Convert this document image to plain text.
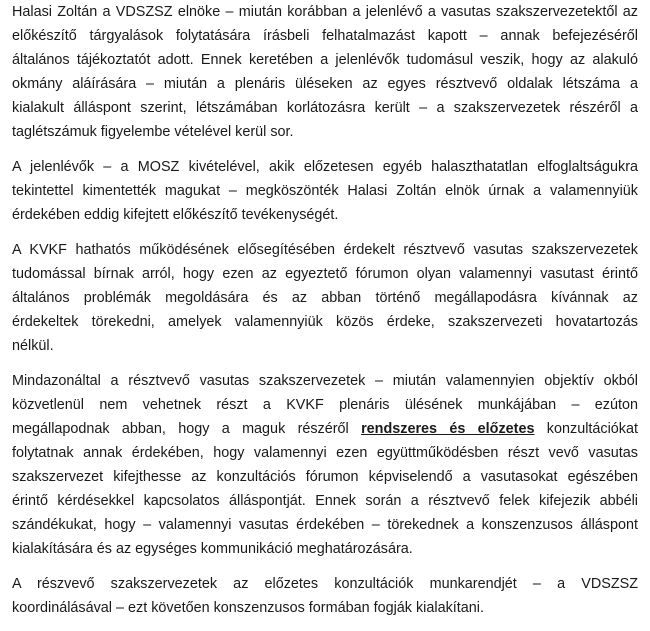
Halasi Zoltán a VDSZSZ elnöke – miután korábban a jelenlévő a vasutas szakszervezetektől az
előkészítő tárgyalások folytatására írásbeli felhatalmazást kapott – annak befejezéséről
általános tájékoztatót adott. Ennek keretében a jelenlévők tudomásul veszik, hogy az alakuló
okmány aláírására – miután a plenáris üléseken az egyes résztvevő oldalak létszáma a
kialakult álláspont szerint, létszámában korlátozásra került – a szakszervezetek részéről a
taglétszámuk figyelembe vételével kerül sor.

A jelenlévők – a MOSZ kivételével, akik előzetesen egyéb halaszthatatlan elfoglaltságukra
tekintettel kimentették magukat – megköszönték Halasi Zoltán elnök úrnak a valamennyiük
érdekében eddig kifejtett előkészítő tevékenységét.

A KVKF hathatós működésének elősegítésében érdekelt résztvevő vasutas szakszervezetek
tudomással bírnak arról, hogy ezen az egyeztető fórumon olyan valamennyi vasutast érintő
általános problémák megoldására és az abban történő megállapodásra kívánnak az
érdekeltek törekedni, amelyek valamennyiük közös érdeke, szakszervezeti hovatartozás
nélkül.

Mindazonáltal a résztvevő vasutas szakszervezetek – miután valamennyien objektív okból
közvetlenül nem vehetnek részt a KVKF plenáris ülésének munkájában – ezúton
megállapodnak abban, hogy a maguk részéről rendszeres és előzetes konzultációkat
folytatnak annak érdekében, hogy valamennyi ezen együttműködésben részt vevő vasutas
szakszervezet kifejthesse az konzultációs fórumon képviselendő a vasutasokat egészében
érintő kérdésekkel kapcsolatos álláspontját. Ennek során a résztvevő felek kifejezik abbéli
szándékukat, hogy – valamennyi vasutas érdekében – törekednek a konszenzusos álláspont
kialakítására és az egységes kommunikáció meghatározására.

A részvevő szakszervezetek az előzetes konzultációk munkarendjét – a VDSZSZ
koordinálásával – ezt követően konszenzusos formában fogják kialakítani.
